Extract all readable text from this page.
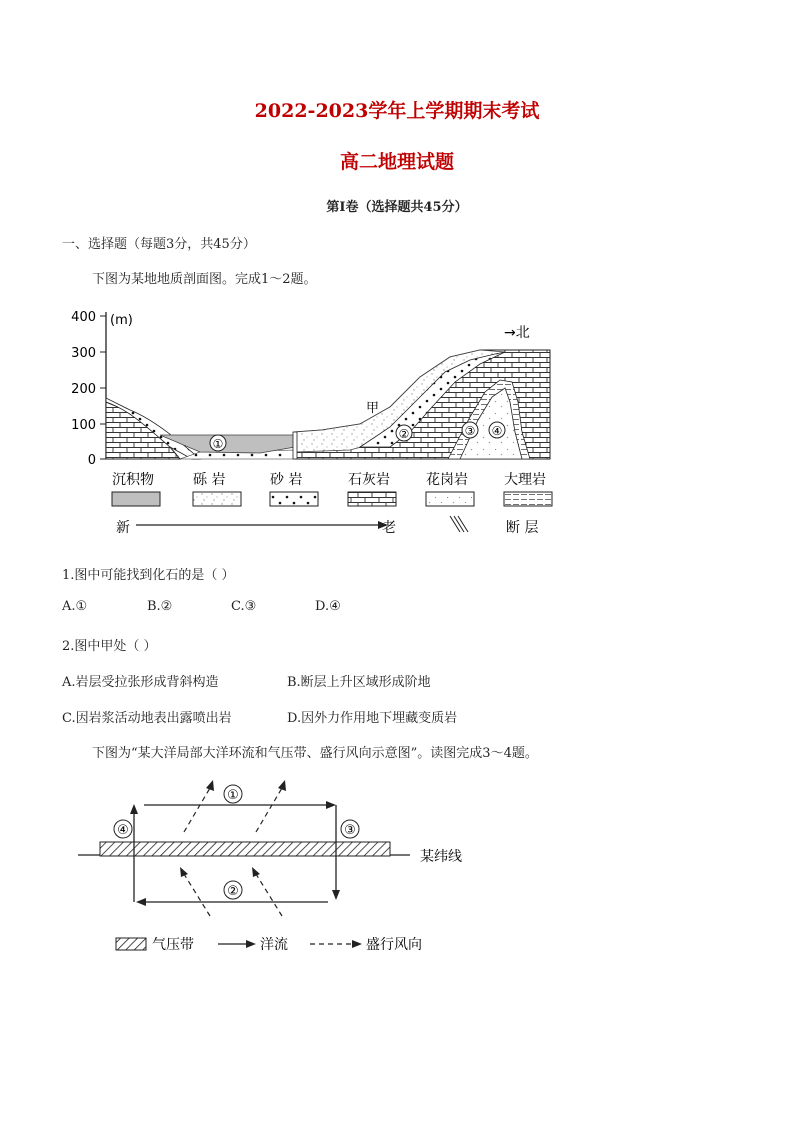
2022-2023学年上学期期末考试
高二地理试题
第Ⅰ卷（选择题共45分）
一、选择题（每题3分，共45分）
下图为某地地质剖面图。完成1～2题。
400
300
200
100
0
(m)
→北
甲
①
②	③ ④
沉积物	砾 岩	砂 岩	石灰岩	花岗岩	大理岩
新	老	断 层
1.图中可能找到化石的是（ ）
A.①	B.②	C.③	D.④
2.图中甲处（ ）
A.岩层受拉张形成背斜构造	B.断层上升区域形成阶地
C.因岩浆活动地表出露喷出岩	D.因外力作用地下埋藏变质岩
下图为“某大洋局部大洋环流和气压带、盛行风向示意图”。读图完成3～4题。
某纬线
①
②
③
④
气压带	洋流	盛行风向
